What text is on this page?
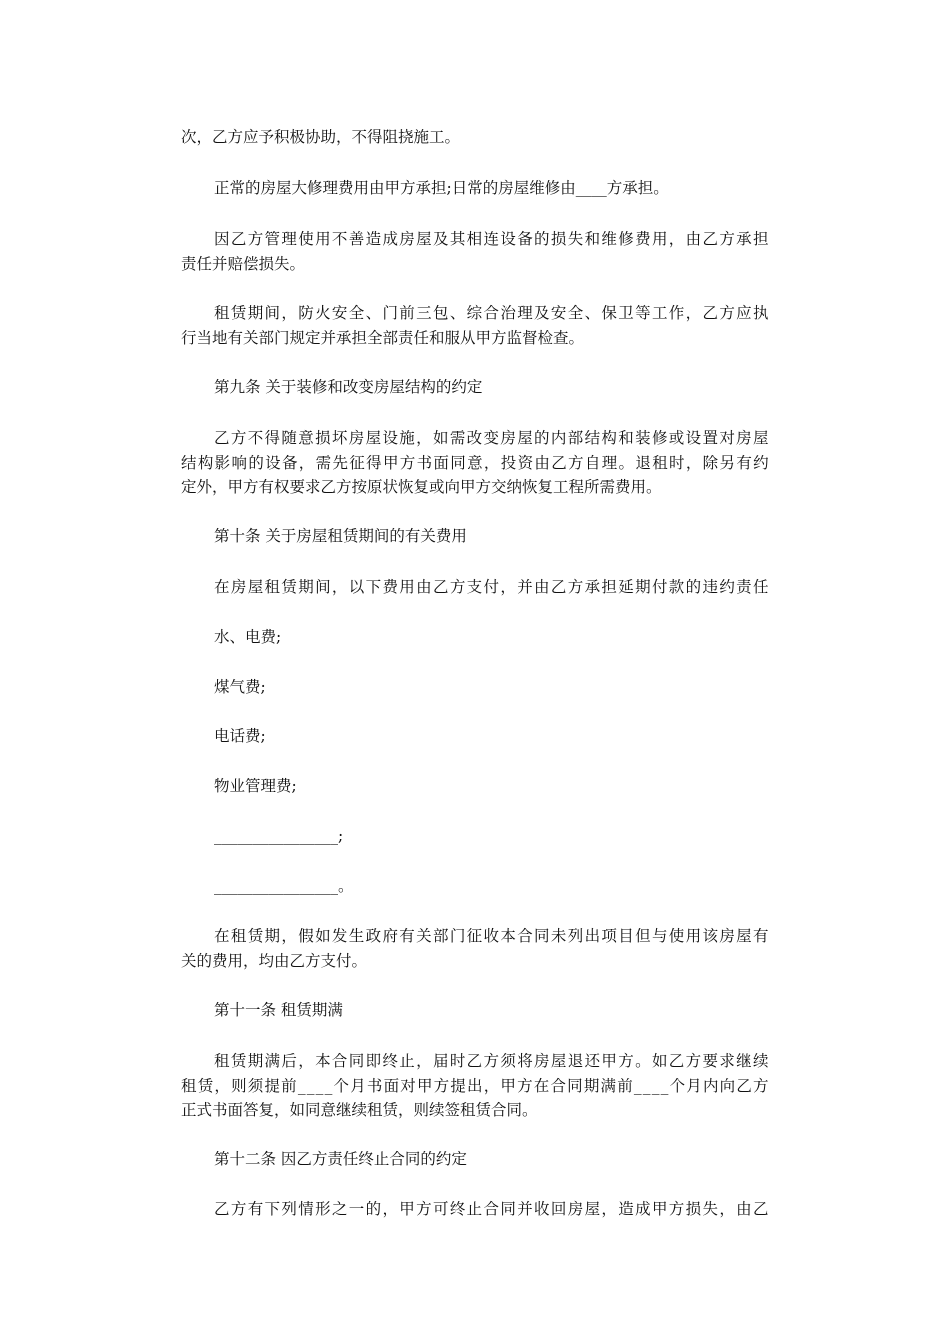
次，乙方应予积极协助，不得阻挠施工。
正常的房屋大修理费用由甲方承担;日常的房屋维修由____方承担。
因 乙 方 管 理 使 用 不 善 造 成 房 屋 及 其 相 连 设 备 的 损 失 和 维 修 费 用 ， 由 乙 方 承 担
责任并赔偿损失。
租 赁 期 间 ， 防 火 安 全 、 门 前 三 包 、 综 合 治 理 及 安 全 、 保 卫 等 工 作 ， 乙 方 应 执
行当地有关部门规定并承担全部责任和服从甲方监督检查。
第九条 关于装修和改变房屋结构的约定
乙 方 不 得 随 意 损 坏 房 屋 设 施 ， 如 需 改 变 房 屋 的 内 部 结 构 和 装 修 或 设 置 对 房 屋
结 构 影 响 的 设 备 ， 需 先 征 得 甲 方 书 面 同 意 ， 投 资 由 乙 方 自 理 。 退 租 时 ， 除 另 有 约
定外，甲方有权要求乙方按原状恢复或向甲方交纳恢复工程所需费用。
第十条 关于房屋租赁期间的有关费用
在 房 屋 租 赁 期 间 ， 以 下 费 用 由 乙 方 支 付 ， 并 由 乙 方 承 担 延 期 付 款 的 违 约 责 任
水、电费;
煤气费;
电话费;
物业管理费;
________________;
________________。
在 租 赁 期 ， 假 如 发 生 政 府 有 关 部 门 征 收 本 合 同 未 列 出 项 目 但 与 使 用 该 房 屋 有
关的费用，均由乙方支付。
第十一条 租赁期满
租 赁 期 满 后 ， 本 合 同 即 终 止 ， 届 时 乙 方 须 将 房 屋 退 还 甲 方 。 如 乙 方 要 求 继 续
租 赁 ， 则 须 提 前 _ _ _ _ 个 月 书 面 对 甲 方 提 出 ， 甲 方 在 合 同 期 满 前 _ _ _ _ 个 月 内 向 乙 方
正式书面答复，如同意继续租赁，则续签租赁合同。
第十二条 因乙方责任终止合同的约定
乙 方 有 下 列 情 形 之 一 的 ， 甲 方 可 终 止 合 同 并 收 回 房 屋 ， 造 成 甲 方 损 失 ， 由 乙
